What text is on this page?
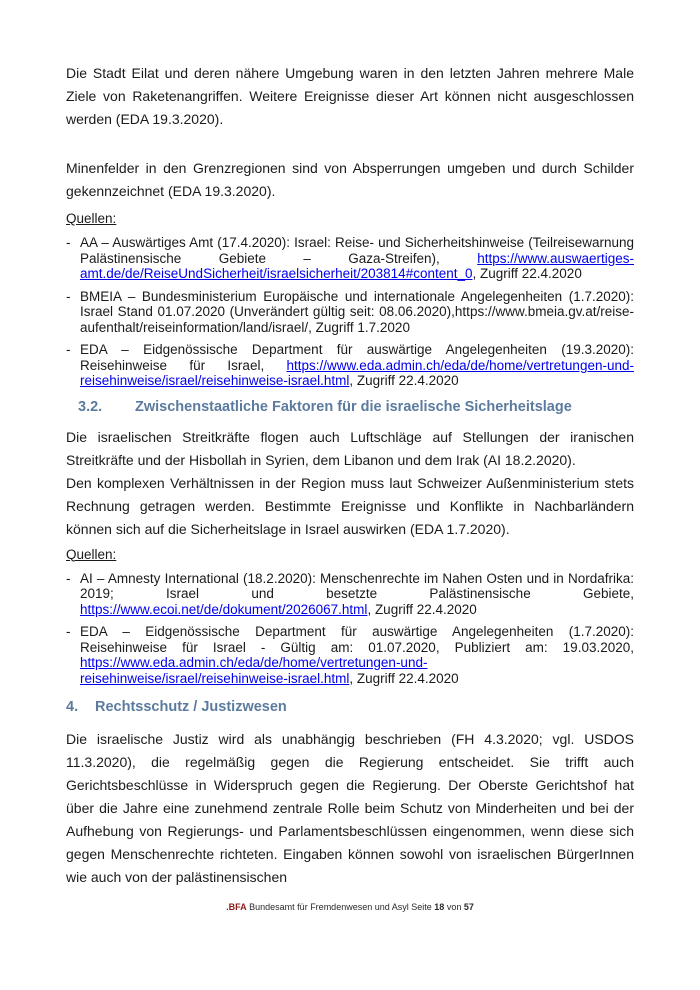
Die Stadt Eilat und deren nähere Umgebung waren in den letzten Jahren mehrere Male Ziele von Raketenangriffen. Weitere Ereignisse dieser Art können nicht ausgeschlossen werden (EDA 19.3.2020).

Minenfelder in den Grenzregionen sind von Absperrungen umgeben und durch Schilder gekennzeichnet (EDA 19.3.2020).

Quellen:

- AA – Auswärtiges Amt (17.4.2020): Israel: Reise- und Sicherheitshinweise (Teilreisewarnung Palästinensische Gebiete – Gaza-Streifen), https://www.auswaertiges-amt.de/de/ReiseUndSicherheit/israelsicherheit/203814#content_0, Zugriff 22.4.2020
- BMEIA – Bundesministerium Europäische und internationale Angelegenheiten (1.7.2020): Israel Stand 01.07.2020 (Unverändert gültig seit: 08.06.2020),https://www.bmeia.gv.at/reise-aufenthalt/reiseinformation/land/israel/, Zugriff 1.7.2020
- EDA – Eidgenössische Department für auswärtige Angelegenheiten (19.3.2020): Reisehinweise für Israel, https://www.eda.admin.ch/eda/de/home/vertretungen-und-reisehinweise/israel/reisehinweise-israel.html, Zugriff 22.4.2020
3.2.	Zwischenstaatliche Faktoren für die israelische Sicherheitslage

Die israelischen Streitkräfte flogen auch Luftschläge auf Stellungen der iranischen Streitkräfte und der Hisbollah in Syrien, dem Libanon und dem Irak (AI 18.2.2020).

Den komplexen Verhältnissen in der Region muss laut Schweizer Außenministerium stets Rechnung getragen werden. Bestimmte Ereignisse und Konflikte in Nachbarländern können sich auf die Sicherheitslage in Israel auswirken (EDA 1.7.2020).

Quellen:

- AI – Amnesty International (18.2.2020): Menschenrechte im Nahen Osten und in Nordafrika: 2019; Israel und besetzte Palästinensische Gebiete, https://www.ecoi.net/de/dokument/2026067.html, Zugriff 22.4.2020
- EDA – Eidgenössische Department für auswärtige Angelegenheiten (1.7.2020): Reisehinweise für Israel - Gültig am: 01.07.2020, Publiziert am: 19.03.2020, https://www.eda.admin.ch/eda/de/home/vertretungen-und-reisehinweise/israel/reisehinweise-israel.html, Zugriff 22.4.2020
4.	Rechtsschutz / Justizwesen

Die israelische Justiz wird als unabhängig beschrieben (FH 4.3.2020; vgl. USDOS 11.3.2020), die regelmäßig gegen die Regierung entscheidet. Sie trifft auch Gerichtsbeschlüsse in Widerspruch gegen die Regierung. Der Oberste Gerichtshof hat über die Jahre eine zunehmend zentrale Rolle beim Schutz von Minderheiten und bei der Aufhebung von Regierungs- und Parlamentsbeschlüssen eingenommen, wenn diese sich gegen Menschenrechte richteten. Eingaben können sowohl von israelischen BürgerInnen wie auch von der palästinensischen

.BFA Bundesamt für Fremdenwesen und Asyl Seite 18 von 57
